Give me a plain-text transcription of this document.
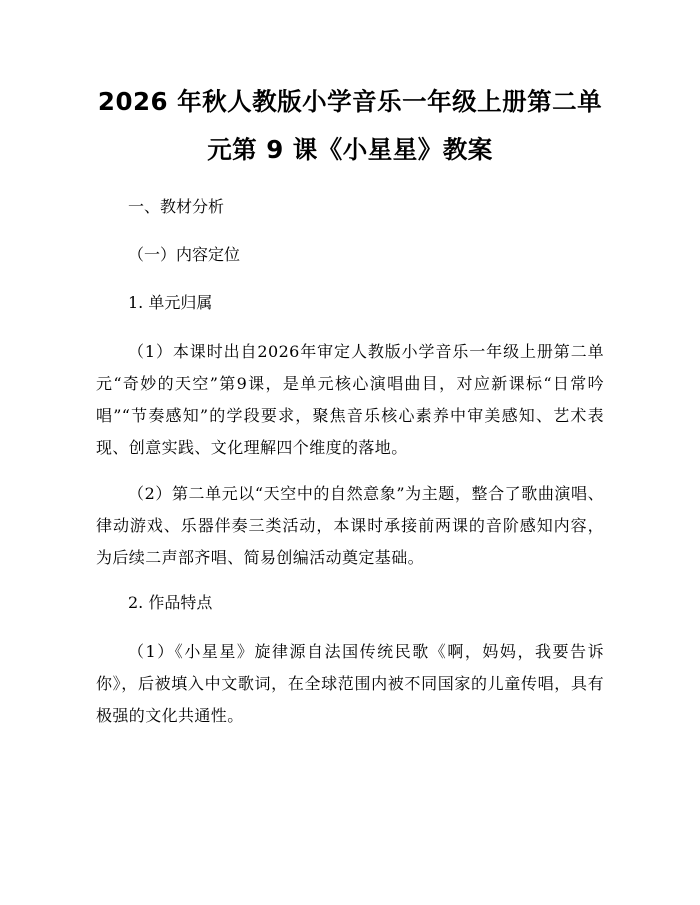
2026 年秋人教版小学音乐一年级上册第二单
元第 9 课《小星星》教案
一、教材分析
（一）内容定位
1. 单元归属

（1）本课时出自2026年审定人教版小学音乐一年级上册第二单元“奇妙的天空”第9课，是单元核心演唱曲目，对应新课标“日常吟唱”“节奏感知”的学段要求，聚焦音乐核心素养中审美感知、艺术表现、创意实践、文化理解四个维度的落地。

（2）第二单元以“天空中的自然意象”为主题，整合了歌曲演唱、律动游戏、乐器伴奏三类活动，本课时承接前两课的音阶感知内容，为后续二声部齐唱、简易创编活动奠定基础。

2. 作品特点

（1）《小星星》旋律源自法国传统民歌《啊，妈妈，我要告诉你》，后被填入中文歌词，在全球范围内被不同国家的儿童传唱，具有极强的文化共通性。
